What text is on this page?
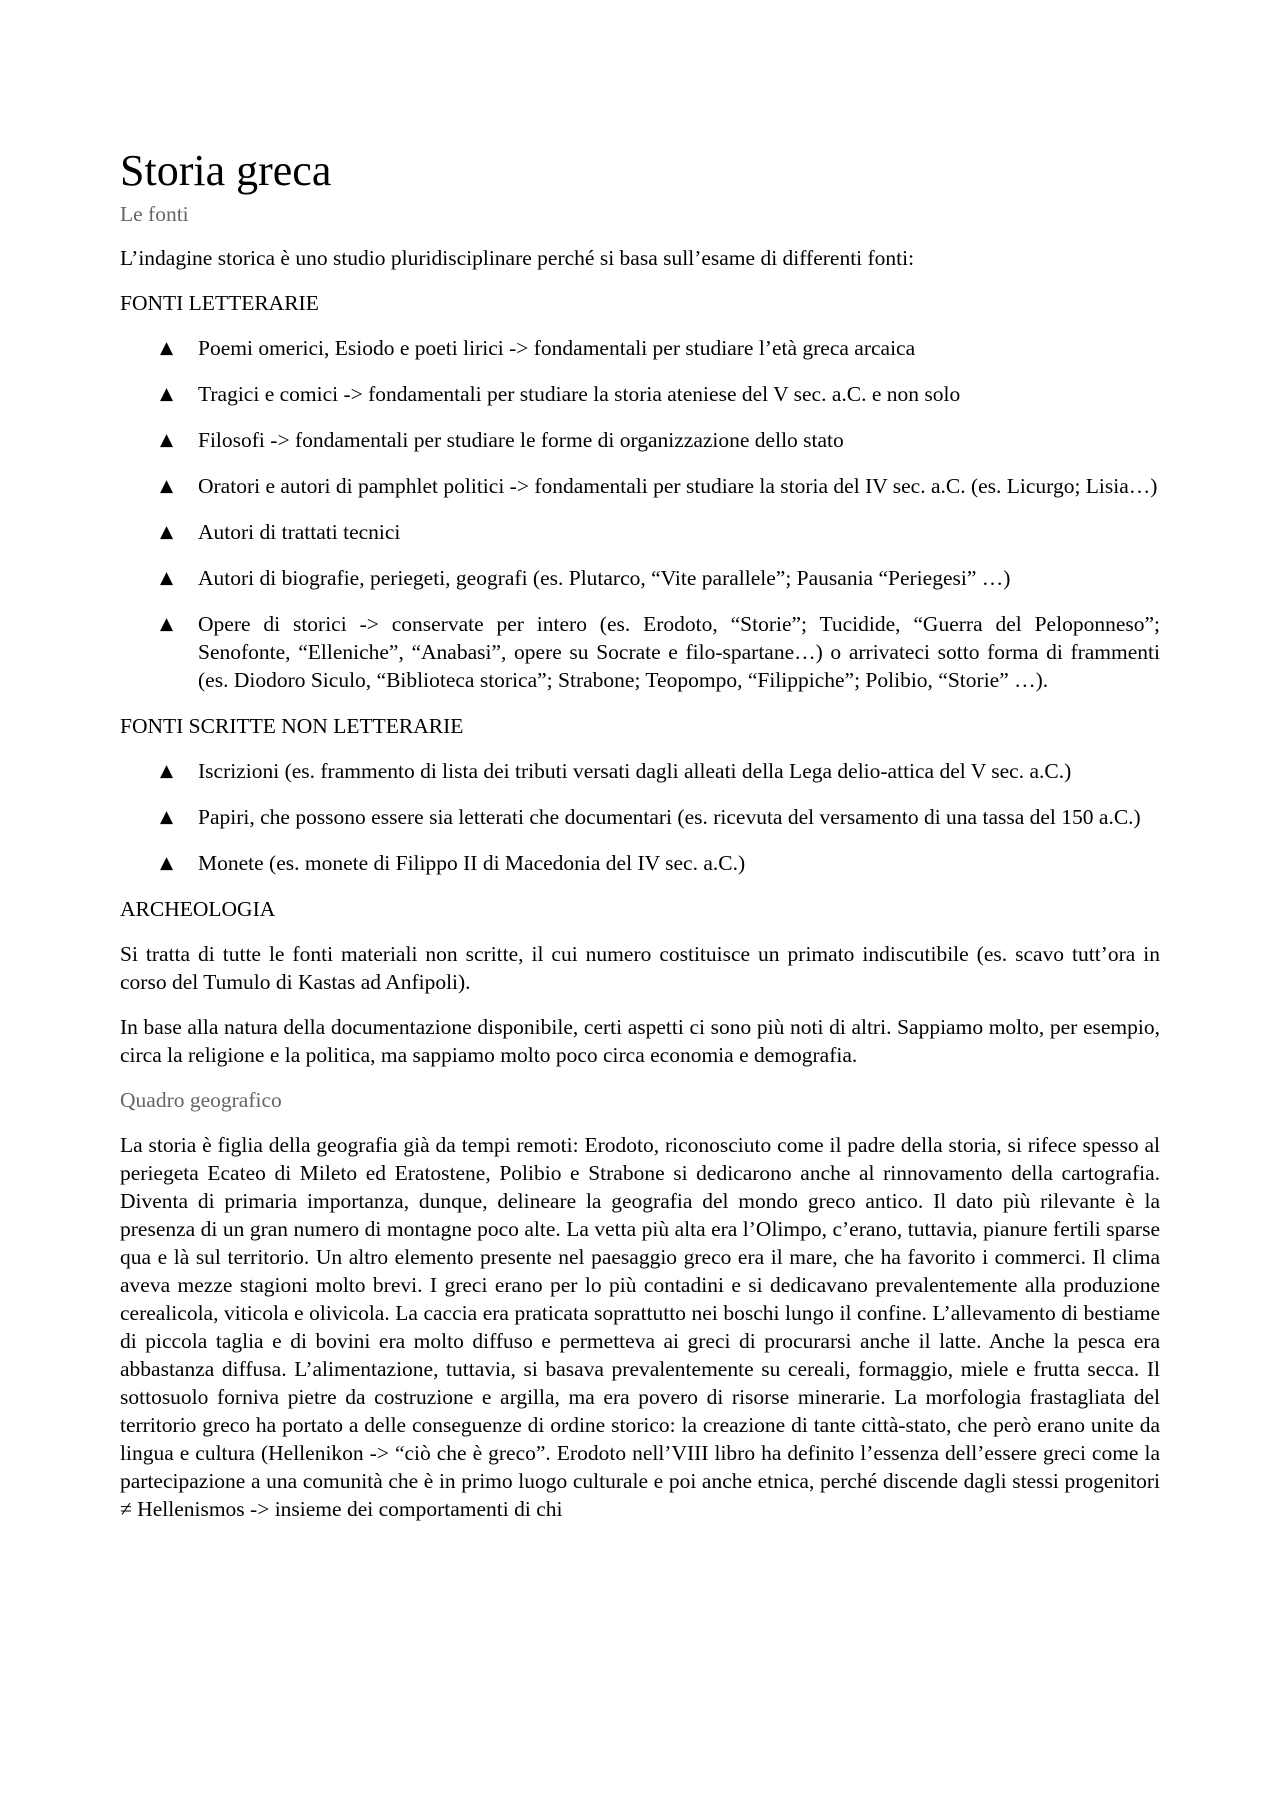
Storia greca
Le fonti

L’indagine storica è uno studio pluridisciplinare perché si basa sull’esame di differenti fonti:

FONTI LETTERARIE
▲ Poemi omerici, Esiodo e poeti lirici -> fondamentali per studiare l’età greca arcaica
▲ Tragici e comici -> fondamentali per studiare la storia ateniese del V sec. a.C. e non solo
▲ Filosofi -> fondamentali per studiare le forme di organizzazione dello stato
▲ Oratori e autori di pamphlet politici -> fondamentali per studiare la storia del IV sec. a.C. (es. Licurgo; Lisia…)
▲ Autori di trattati tecnici
▲ Autori di biografie, periegeti, geografi (es. Plutarco, “Vite parallele”; Pausania “Periegesi” …)
▲ Opere di storici -> conservate per intero (es. Erodoto, “Storie”; Tucidide, “Guerra del Peloponneso”; Senofonte, “Elleniche”, “Anabasi”, opere su Socrate e filo-spartane…) o arrivateci sotto forma di frammenti (es. Diodoro Siculo, “Biblioteca storica”; Strabone; Teopompo, “Filippiche”; Polibio, “Storie” …).
FONTI SCRITTE NON LETTERARIE
▲ Iscrizioni (es. frammento di lista dei tributi versati dagli alleati della Lega delio-attica del V sec. a.C.)
▲ Papiri, che possono essere sia letterati che documentari (es. ricevuta del versamento di una tassa del 150 a.C.)
▲ Monete (es. monete di Filippo II di Macedonia del IV sec. a.C.)
ARCHEOLOGIA

Si tratta di tutte le fonti materiali non scritte, il cui numero costituisce un primato indiscutibile (es. scavo tutt’ora in corso del Tumulo di Kastas ad Anfipoli).

In base alla natura della documentazione disponibile, certi aspetti ci sono più noti di altri. Sappiamo molto, per esempio, circa la religione e la politica, ma sappiamo molto poco circa economia e demografia.

Quadro geografico

La storia è figlia della geografia già da tempi remoti: Erodoto, riconosciuto come il padre della storia, si rifece spesso al periegeta Ecateo di Mileto ed Eratostene, Polibio e Strabone si dedicarono anche al rinnovamento della cartografia. Diventa di primaria importanza, dunque, delineare la geografia del mondo greco antico. Il dato più rilevante è la presenza di un gran numero di montagne poco alte. La vetta più alta era l’Olimpo, c’erano, tuttavia, pianure fertili sparse qua e là sul territorio. Un altro elemento presente nel paesaggio greco era il mare, che ha favorito i commerci. Il clima aveva mezze stagioni molto brevi. I greci erano per lo più contadini e si dedicavano prevalentemente alla produzione cerealicola, viticola e olivicola. La caccia era praticata soprattutto nei boschi lungo il confine. L’allevamento di bestiame di piccola taglia e di bovini era molto diffuso e permetteva ai greci di procurarsi anche il latte. Anche la pesca era abbastanza diffusa. L’alimentazione, tuttavia, si basava prevalentemente su cereali, formaggio, miele e frutta secca. Il sottosuolo forniva pietre da costruzione e argilla, ma era povero di risorse minerarie. La morfologia frastagliata del territorio greco ha portato a delle conseguenze di ordine storico: la creazione di tante città-stato, che però erano unite da lingua e cultura (Hellenikon -> “ciò che è greco”. Erodoto nell’VIII libro ha definito l’essenza dell’essere greci come la partecipazione a una comunità che è in primo luogo culturale e poi anche etnica, perché discende dagli stessi progenitori ≠ Hellenismos -> insieme dei comportamenti di chi
